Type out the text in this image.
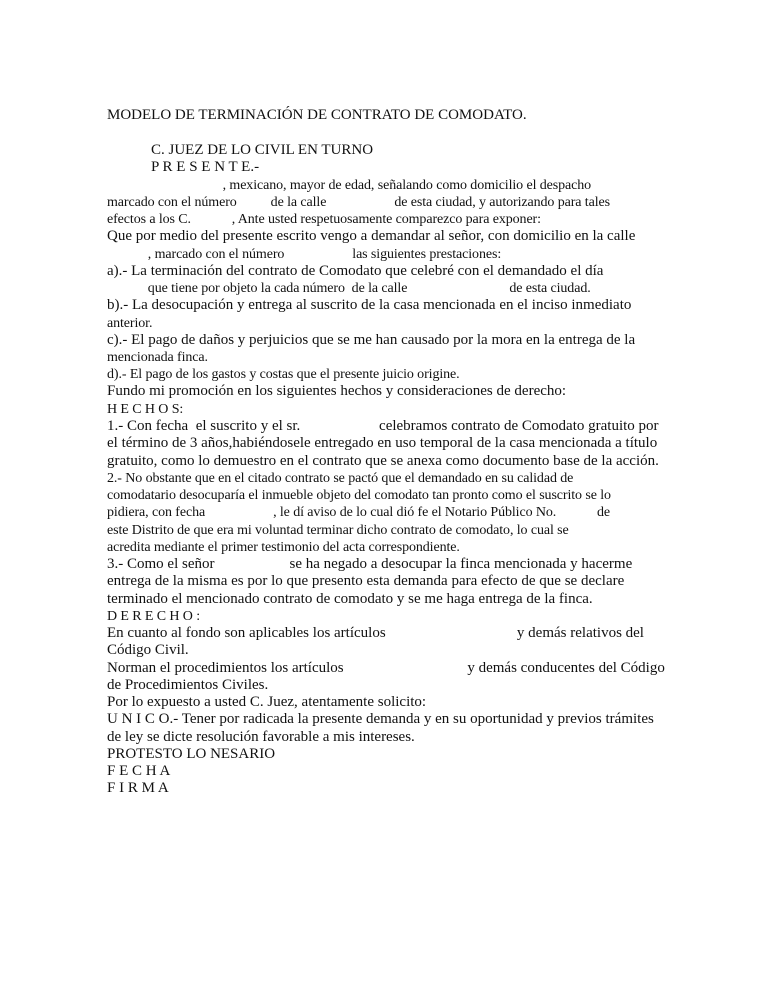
MODELO DE TERMINACIÓN DE CONTRATO DE COMODATO.
C. JUEZ DE LO CIVIL EN TURNO
P R E S E N T E.-
, mexicano, mayor de edad, señalando como domicilio el despacho
marcado con el número          de la calle                    de esta ciudad, y autorizando para tales
efectos a los C.            , Ante usted respetuosamente comparezco para exponer:
Que por medio del presente escrito vengo a demandar al señor, con domicilio en la calle
, marcado con el número                    las siguientes prestaciones:
a).- La terminación del contrato de Comodato que celebré con el demandado el día
que tiene por objeto la cada número  de la calle                              de esta ciudad.
b).- La desocupación y entrega al suscrito de la casa mencionada en el inciso inmediato
anterior.
c).- El pago de daños y perjuicios que se me han causado por la mora en la entrega de la
mencionada finca.
d).- El pago de los gastos y costas que el presente juicio origine.
Fundo mi promoción en los siguientes hechos y consideraciones de derecho:
H E C H O S:
1.- Con fecha  el suscrito y el sr.                     celebramos contrato de Comodato gratuito por
el término de 3 años,habiéndosele entregado en uso temporal de la casa mencionada a título
gratuito, como lo demuestro en el contrato que se anexa como documento base de la acción.
2.- No obstante que en el citado contrato se pactó que el demandado en su calidad de
comodatario desocuparía el inmueble objeto del comodato tan pronto como el suscrito se lo
pidiera, con fecha                    , le dí aviso de lo cual dió fe el Notario Público No.            de
este Distrito de que era mi voluntad terminar dicho contrato de comodato, lo cual se
acredita mediante el primer testimonio del acta correspondiente.
3.- Como el señor                    se ha negado a desocupar la finca mencionada y hacerme
entrega de la misma es por lo que presento esta demanda para efecto de que se declare
terminado el mencionado contrato de comodato y se me haga entrega de la finca.
D E R E C H O :
En cuanto al fondo son aplicables los artículos                                   y demás relativos del
Código Civil.
Norman el procedimientos los artículos                                 y demás conducentes del Código
de Procedimientos Civiles.
Por lo expuesto a usted C. Juez, atentamente solicito:
U N I C O.- Tener por radicada la presente demanda y en su oportunidad y previos trámites
de ley se dicte resolución favorable a mis intereses.
PROTESTO LO NESARIO
F E C H A
F I R M A
